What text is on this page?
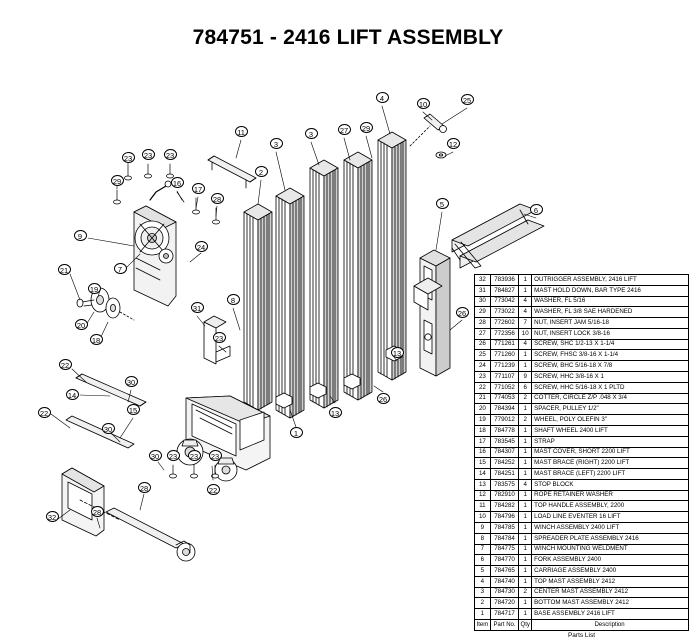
784751 - 2416 LIFT ASSEMBLY
1
2
3
3
4
5
6
7
8
9
10
11
12
13
13
14
15
16
17
18
19
20
21
22
22
22
23	23	23
23
23	23	23
24
25
26
26
27
28
28
28
29
29
30
30
30
31
32
32	783936	1	OUTRIGGER ASSEMBLY, 2416 LIFT
31	784827	1	MAST HOLD DOWN, BAR TYPE 2416
30	773042	4	WASHER, FL 5/16
29	773022	4	WASHER, FL 3/8 SAE HARDENED
28	772602	7	NUT, INSERT JAM 5/16-18
27	772356	10	NUT, INSERT LOCK 3/8-16
26	771261	4	SCREW, SHC 1/2-13 X 1-1/4
25	771260	1	SCREW, FHSC 3/8-16 X 1-1/4
24	771239	1	SCREW, BHC 5/16-18 X 7/8
23	771107	9	SCREW, HHC 3/8-16 X 1
22	771052	6	SCREW, HHC 5/16-18 X 1 PLTD
21	774053	2	COTTER, CIRCLE Z/P .048 X 3/4
20	784394	1	SPACER, PULLEY 1/2"
19	779012	2	WHEEL, POLY OLEFIN 3"
18	784778	1	SHAFT WHEEL 2400 LIFT
17	783545	1	STRAP
16	784307	1	MAST COVER, SHORT 2200 LIFT
15	784252	1	MAST BRACE (RIGHT) 2200 LIFT
14	784251	1	MAST BRACE (LEFT) 2200 LIFT
13	783575	4	STOP BLOCK
12	782910	1	ROPE RETAINER WASHER
11	784282	1	TOP HANDLE ASSEMBLY, 2200
10	784796	1	LOAD LINE EVENTER 16 LIFT
9	784785	1	WINCH ASSEMBLY 2400 LIFT
8	784784	1	SPREADER PLATE ASSEMBLY 2416
7	784775	1	WINCH MOUNTING WELDMENT
6	784770	1	FORK ASSEMBLY 2400
5	784765	1	CARRIAGE ASSEMBLY 2400
4	784740	1	TOP MAST ASSEMBLY 2412
3	784730	2	CENTER MAST ASSEMBLY 2412
2	784720	1	BOTTOM MAST ASSEMBLY 2412
1	784717	1	BASE ASSEMBLY 2416 LIFT
Item	Part No.	Qty	Description
Parts List
